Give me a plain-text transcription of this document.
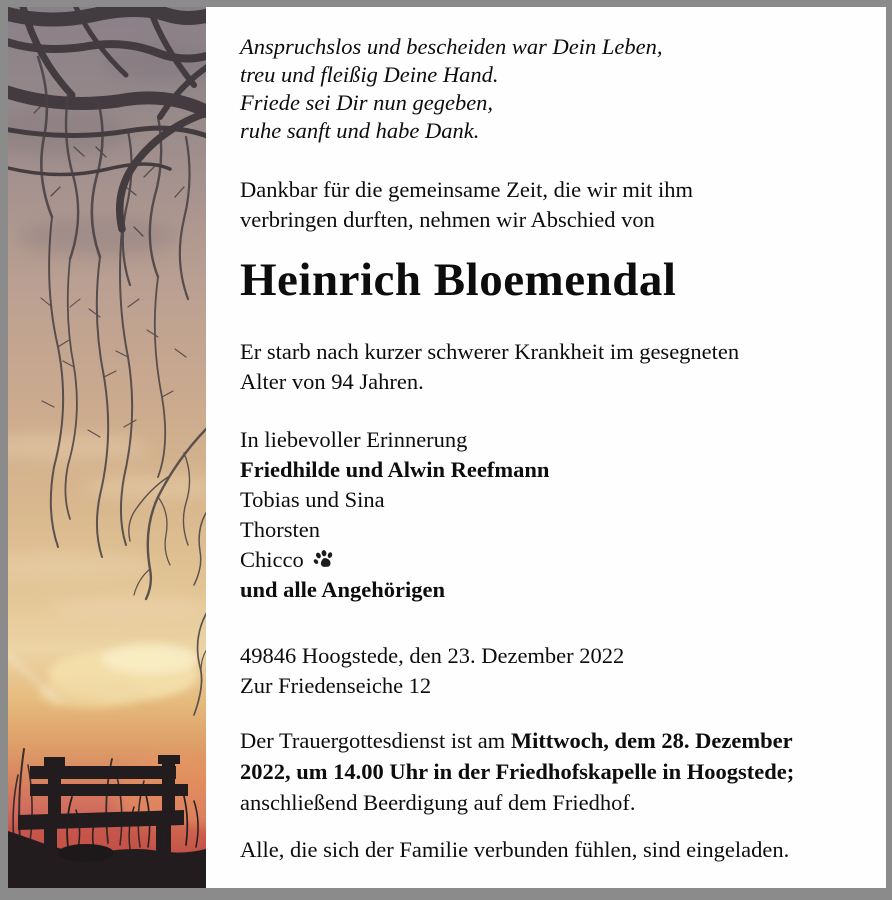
Anspruchslos und bescheiden war Dein Leben,
treu und fleißig Deine Hand.
Friede sei Dir nun gegeben,
ruhe sanft und habe Dank.
Dankbar für die gemeinsame Zeit, die wir mit ihm
verbringen durften, nehmen wir Abschied von
Heinrich Bloemendal
Er starb nach kurzer schwerer Krankheit im gesegneten
Alter von 94 Jahren.
In liebevoller Erinnerung
Friedhilde und Alwin Reefmann
Tobias und Sina
Thorsten
Chicco
und alle Angehörigen
49846 Hoogstede, den 23. Dezember 2022
Zur Friedenseiche 12
Der Trauergottesdienst ist am Mittwoch, dem 28. Dezember
2022, um 14.00 Uhr in der Friedhofskapelle in Hoogstede;
anschließend Beerdigung auf dem Friedhof.
Alle, die sich der Familie verbunden fühlen, sind eingeladen.
